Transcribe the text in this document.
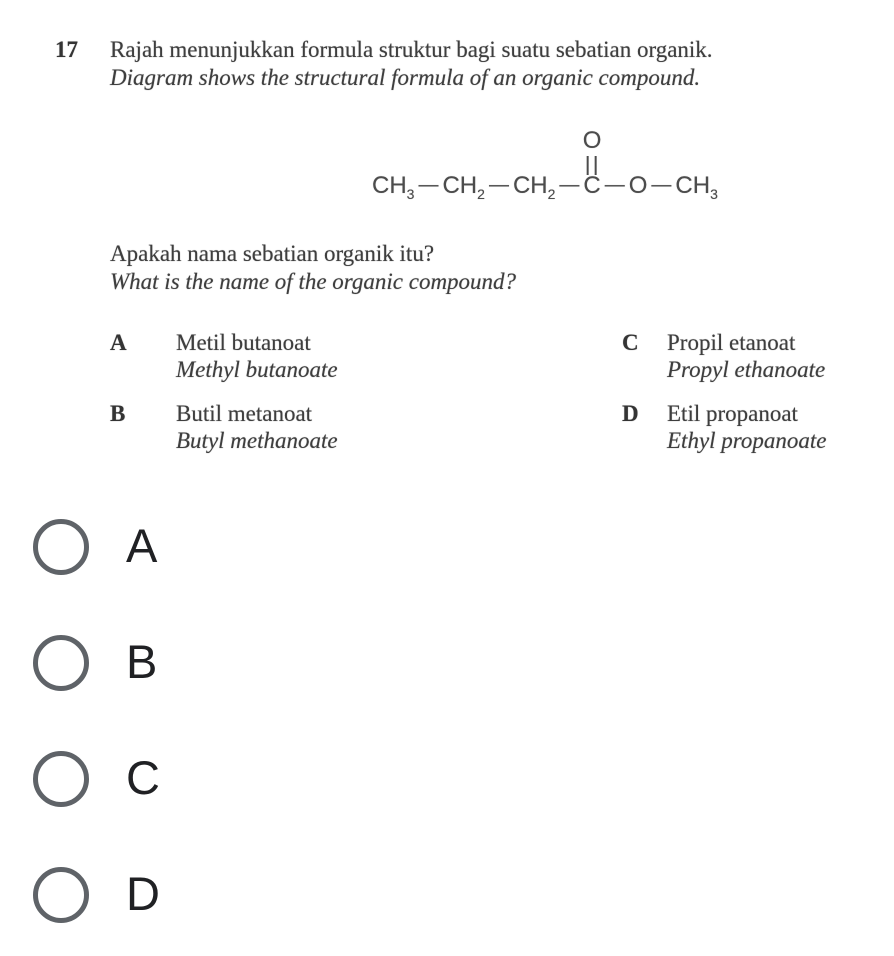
17	Rajah menunjukkan formula struktur bagi suatu sebatian organik.
Diagram shows the structural formula of an organic compound.
$CH_3$ — $CH_2$ — $CH_2$ — C
O
— O — $CH_3$
Apakah nama sebatian organik itu?
What is the name of the organic compound?
A	Metil butanoat
Methyl butanoate
B	Butil metanoat
Butyl methanoate
C	Propil etanoat
Propyl ethanoate
D	Etil propanoat
Ethyl propanoate
A
B
C
D
